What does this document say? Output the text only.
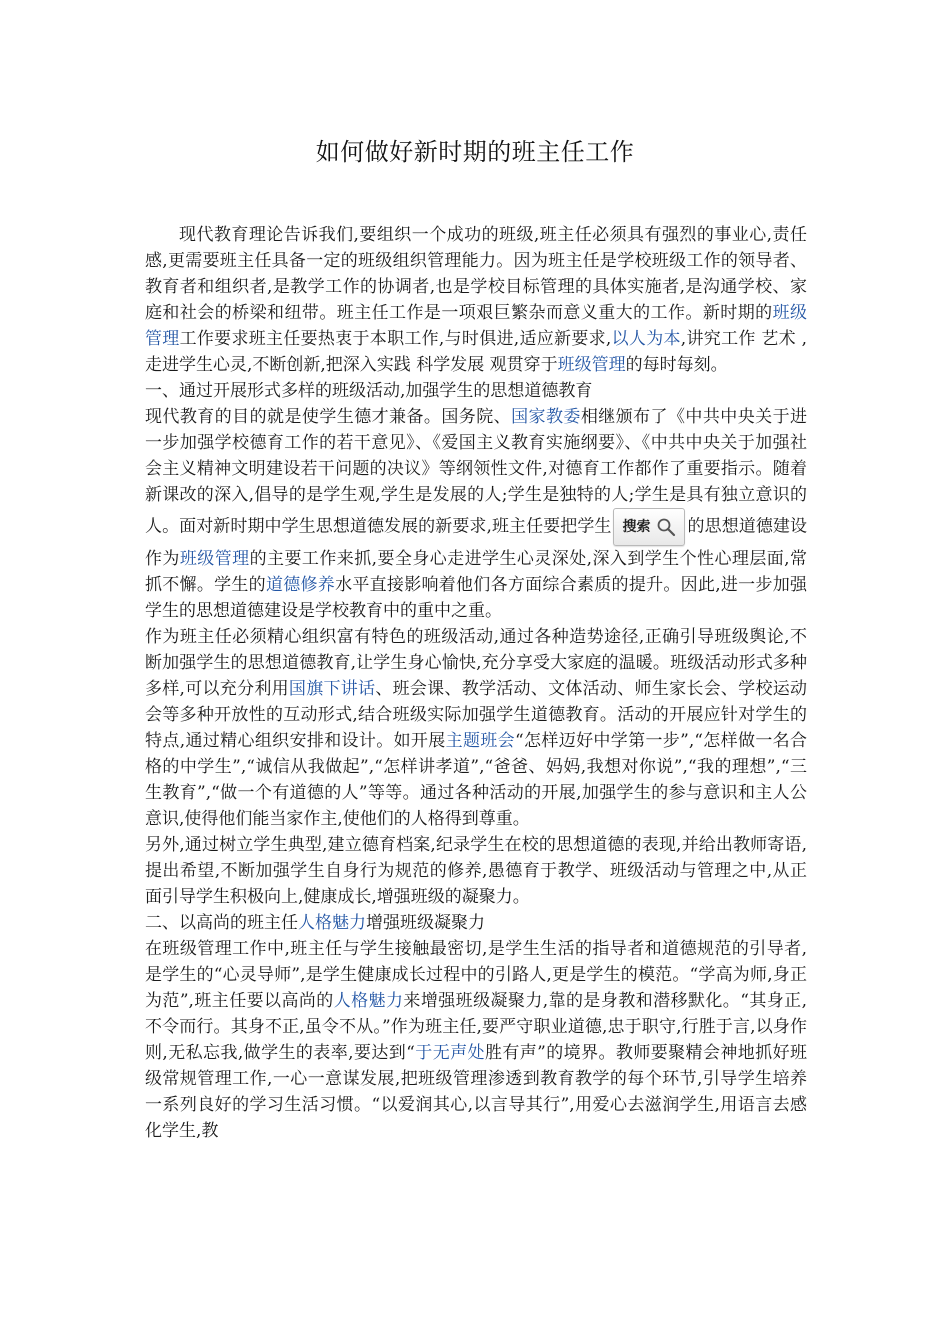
如何做好新时期的班主任工作

现代教育理论告诉我们,要组织一个成功的班级,班主任必须具有强烈的事业心,责任感,更需要班主任具备一定的班级组织管理能力。因为班主任是学校班级工作的领导者、教育者和组织者,是教学工作的协调者,也是学校目标管理的具体实施者,是沟通学校、家庭和社会的桥梁和纽带。班主任工作是一项艰巨繁杂而意义重大的工作。新时期的班级管理工作要求班主任要热衷于本职工作,与时俱进,适应新要求,以人为本,讲究工作 艺术 ,走进学生心灵,不断创新,把深入实践 科学发展 观贯穿于班级管理的每时每刻。

一、通过开展形式多样的班级活动,加强学生的思想道德教育

现代教育的目的就是使学生德才兼备。国务院、国家教委相继颁布了《中共中央关于进一步加强学校德育工作的若干意见》、《爱国主义教育实施纲要》、《中共中央关于加强社会主义精神文明建设若干问题的决议》等纲领性文件,对德育工作都作了重要指示。随着新课改的深入,倡导的是学生观,学生是发展的人;学生是独特的人;学生是具有独立意识的人。面对新时期中学生思想道德发展的新要求,班主任要把学生 搜索 的思想道德建设作为班级管理的主要工作来抓,要全身心走进学生心灵深处,深入到学生个性心理层面,常抓不懈。学生的道德修养水平直接影响着他们各方面综合素质的提升。因此,进一步加强学生的思想道德建设是学校教育中的重中之重。

作为班主任必须精心组织富有特色的班级活动,通过各种造势途径,正确引导班级舆论,不断加强学生的思想道德教育,让学生身心愉快,充分享受大家庭的温暖。班级活动形式多种多样,可以充分利用国旗下讲话、班会课、教学活动、文体活动、师生家长会、学校运动会等多种开放性的互动形式,结合班级实际加强学生道德教育。活动的开展应针对学生的特点,通过精心组织安排和设计。如开展主题班会“怎样迈好中学第一步”,“怎样做一名合格的中学生”,“诚信从我做起”,“怎样讲孝道”,“爸爸、妈妈,我想对你说”,“我的理想”,“三生教育”,“做一个有道德的人”等等。通过各种活动的开展,加强学生的参与意识和主人公意识,使得他们能当家作主,使他们的人格得到尊重。

另外,通过树立学生典型,建立德育档案,纪录学生在校的思想道德的表现,并给出教师寄语,提出希望,不断加强学生自身行为规范的修养,愚德育于教学、班级活动与管理之中,从正面引导学生积极向上,健康成长,增强班级的凝聚力。

二、以高尚的班主任人格魅力增强班级凝聚力

在班级管理工作中,班主任与学生接触最密切,是学生生活的指导者和道德规范的引导者,是学生的“心灵导师”,是学生健康成长过程中的引路人,更是学生的模范。“学高为师,身正为范”,班主任要以高尚的人格魅力来增强班级凝聚力,靠的是身教和潜移默化。“其身正,不令而行。其身不正,虽令不从。”作为班主任,要严守职业道德,忠于职守,行胜于言,以身作则,无私忘我,做学生的表率,要达到“于无声处胜有声”的境界。教师要聚精会神地抓好班级常规管理工作,一心一意谋发展,把班级管理渗透到教育教学的每个环节,引导学生培养一系列良好的学习生活习惯。“以爱润其心,以言导其行”,用爱心去滋润学生,用语言去感化学生,教
